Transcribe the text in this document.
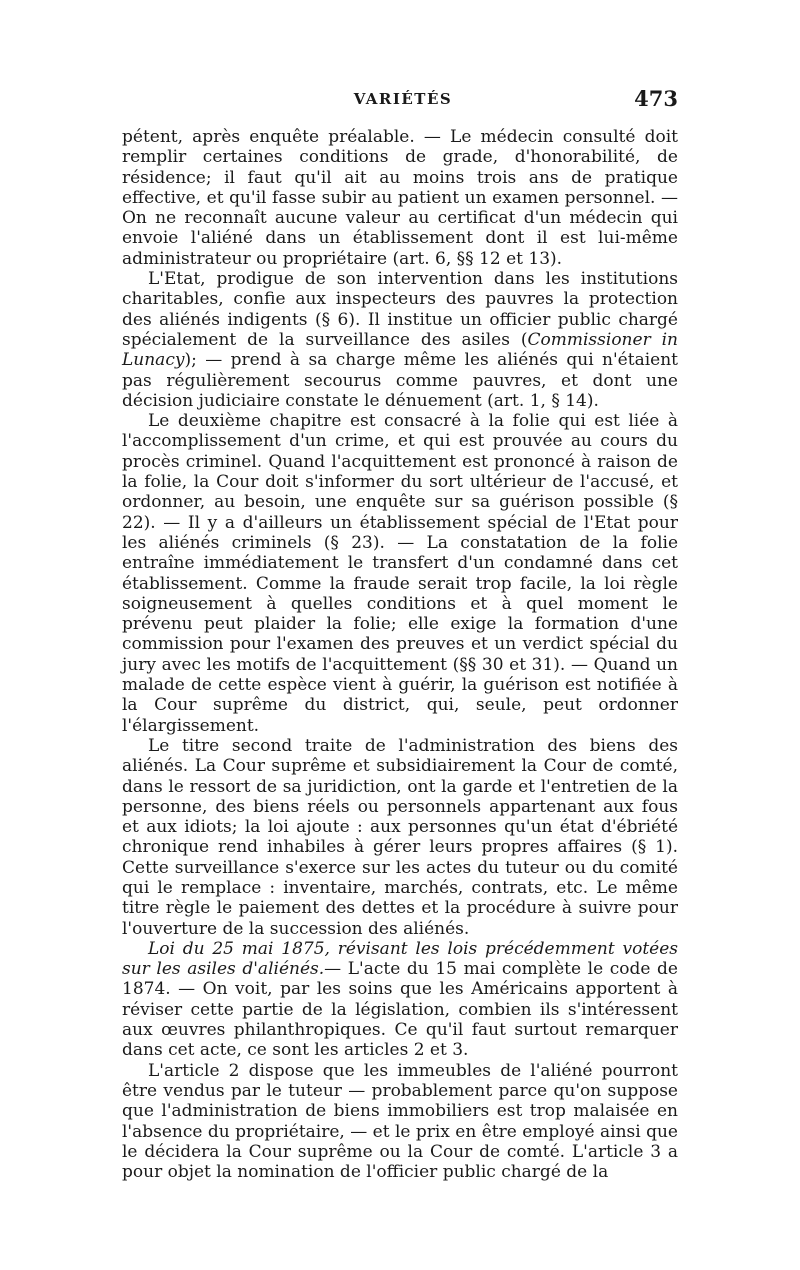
VARIÉTÉS	473

pétent, après enquête préalable. — Le médecin consulté doit remplir certaines conditions de grade, d'honorabilité, de résidence; il faut qu'il ait au moins trois ans de pratique effective, et qu'il fasse subir au patient un examen personnel. — On ne reconnaît aucune valeur au certificat d'un médecin qui envoie l'aliéné dans un établissement dont il est lui-même administrateur ou propriétaire (art. 6, §§ 12 et 13).

L'Etat, prodigue de son intervention dans les institutions charitables, confie aux inspecteurs des pauvres la protection des aliénés indigents (§ 6). Il institue un officier public chargé spécialement de la surveillance des asiles (Commissioner in Lunacy); — prend à sa charge même les aliénés qui n'étaient pas régulièrement secourus comme pauvres, et dont une décision judiciaire constate le dénuement (art. 1, § 14).

Le deuxième chapitre est consacré à la folie qui est liée à l'accomplissement d'un crime, et qui est prouvée au cours du procès criminel. Quand l'acquittement est prononcé à raison de la folie, la Cour doit s'informer du sort ultérieur de l'accusé, et ordonner, au besoin, une enquête sur sa guérison possible (§ 22). — Il y a d'ailleurs un établissement spécial de l'Etat pour les aliénés criminels (§ 23). — La constatation de la folie entraîne immédiatement le transfert d'un condamné dans cet établissement. Comme la fraude serait trop facile, la loi règle soigneusement à quelles conditions et à quel moment le prévenu peut plaider la folie; elle exige la formation d'une commission pour l'examen des preuves et un verdict spécial du jury avec les motifs de l'acquittement (§§ 30 et 31). — Quand un malade de cette espèce vient à guérir, la guérison est notifiée à la Cour suprême du district, qui, seule, peut ordonner l'élargissement.

Le titre second traite de l'administration des biens des aliénés. La Cour suprême et subsidiairement la Cour de comté, dans le ressort de sa juridiction, ont la garde et l'entretien de la personne, des biens réels ou personnels appartenant aux fous et aux idiots; la loi ajoute : aux personnes qu'un état d'ébriété chronique rend inhabiles à gérer leurs propres affaires (§ 1). Cette surveillance s'exerce sur les actes du tuteur ou du comité qui le remplace : inventaire, marchés, contrats, etc. Le même titre règle le paiement des dettes et la procédure à suivre pour l'ouverture de la succession des aliénés.

Loi du 25 mai 1875, révisant les lois précédemment votées sur les asiles d'aliénés.— L'acte du 15 mai complète le code de 1874. — On voit, par les soins que les Américains apportent à réviser cette partie de la législation, combien ils s'intéressent aux œuvres philanthropiques. Ce qu'il faut surtout remarquer dans cet acte, ce sont les articles 2 et 3.

L'article 2 dispose que les immeubles de l'aliéné pourront être vendus par le tuteur — probablement parce qu'on suppose que l'administration de biens immobiliers est trop malaisée en l'absence du propriétaire, — et le prix en être employé ainsi que le décidera la Cour suprême ou la Cour de comté. L'article 3 a pour objet la nomination de l'officier public chargé de la
